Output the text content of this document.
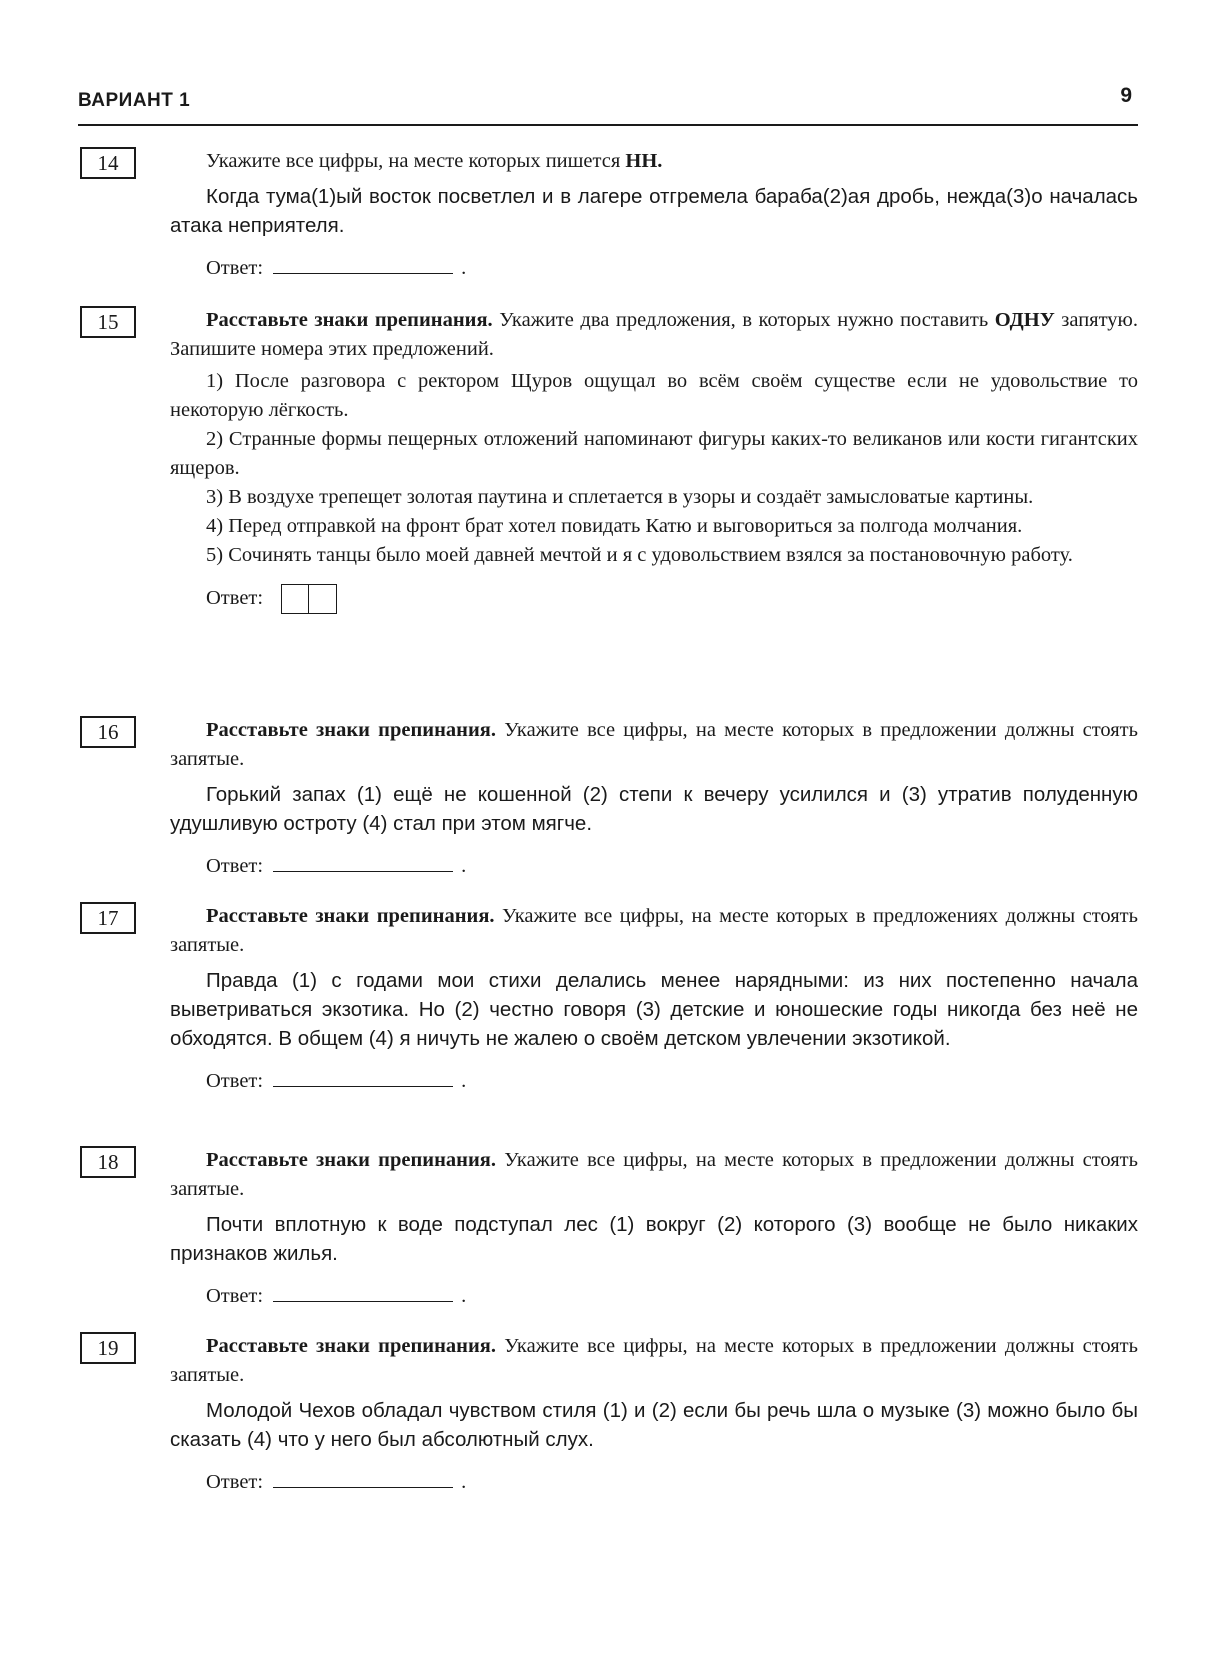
ВАРИАНТ 1	9
14	Укажите все цифры, на месте которых пишется НН.

Когда тума(1)ый восток посветлел и в лагере отгремела бараба(2)ая дробь, нежда(3)о началась атака неприятеля.

Ответ:	.
15	Расставьте знаки препинания. Укажите два предложения, в которых нужно поставить ОДНУ запятую. Запишите номера этих предложений.

1) После разговора с ректором Щуров ощущал во всём своём существе если не удовольствие то некоторую лёгкость.

2) Странные формы пещерных отложений напоминают фигуры каких-то великанов или кости гигантских ящеров.

3) В воздухе трепещет золотая паутина и сплетается в узоры и создаёт замысловатые картины.

4) Перед отправкой на фронт брат хотел повидать Катю и выговориться за полгода молчания.

5) Сочинять танцы было моей давней мечтой и я с удовольствием взялся за постановочную работу.

Ответ:
16	Расставьте знаки препинания. Укажите все цифры, на месте которых в предложении должны стоять запятые.

Горький запах (1) ещё не кошенной (2) степи к вечеру усилился и (3) утратив полуденную удушливую остроту (4) стал при этом мягче.

Ответ:	.
17	Расставьте знаки препинания. Укажите все цифры, на месте которых в предложениях должны стоять запятые.

Правда (1) с годами мои стихи делались менее нарядными: из них постепенно начала выветриваться экзотика. Но (2) честно говоря (3) детские и юношеские годы никогда без неё не обходятся. В общем (4) я ничуть не жалею о своём детском увлечении экзотикой.

Ответ:	.
18	Расставьте знаки препинания. Укажите все цифры, на месте которых в предложении должны стоять запятые.

Почти вплотную к воде подступал лес (1) вокруг (2) которого (3) вообще не было никаких признаков жилья.

Ответ:	.
19	Расставьте знаки препинания. Укажите все цифры, на месте которых в предложении должны стоять запятые.

Молодой Чехов обладал чувством стиля (1) и (2) если бы речь шла о музыке (3) можно было бы сказать (4) что у него был абсолютный слух.

Ответ:	.
